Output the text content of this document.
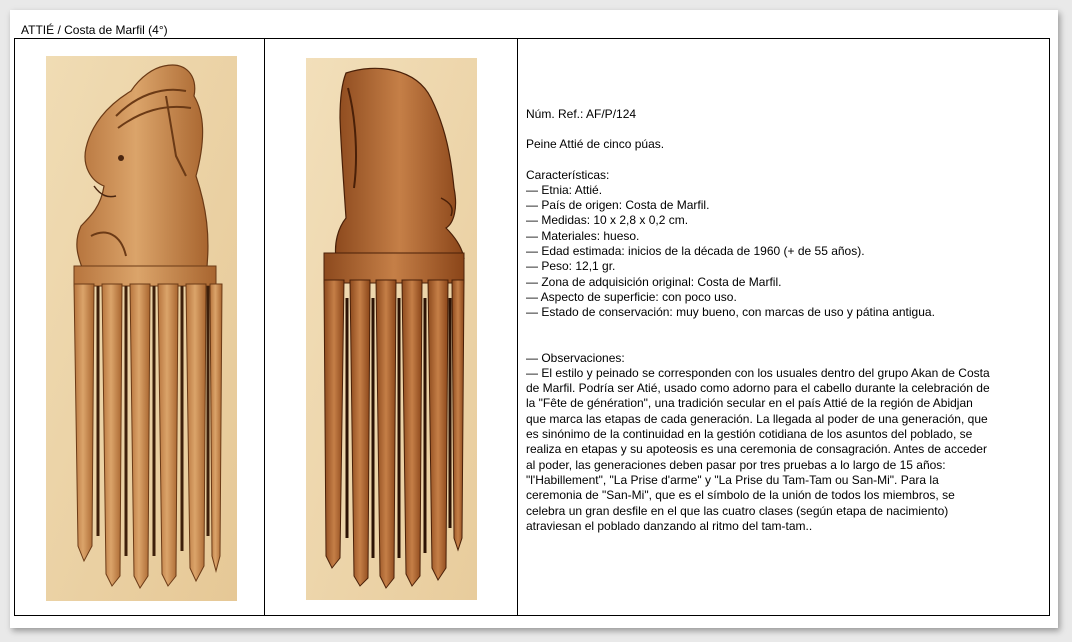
ATTIÉ / Costa de Marfil (4°)

Núm. Ref.: AF/P/124

Peine Attié de cinco púas.

Características:

— Etnia: Attié.

— País de origen: Costa de Marfil.

— Medidas: 10 x 2,8 x 0,2 cm.

— Materiales: hueso.

— Edad estimada: inicios de la década de 1960 (+ de 55 años).

— Peso: 12,1 gr.

— Zona de adquisición original: Costa de Marfil.

— Aspecto de superficie: con poco uso.

— Estado de conservación: muy bueno, con marcas de uso y pátina antigua.

— Observaciones:

— El estilo y peinado se corresponden con los usuales dentro del grupo Akan de Costa

de Marfil. Podría ser Atié, usado como adorno para el cabello durante la celebración de

la "Fête de génération", una tradición secular en el país Attié de la región de Abidjan

que marca las etapas de cada generación. La llegada al poder de una generación, que

es sinónimo de la continuidad en la gestión cotidiana de los asuntos del poblado, se

realiza en etapas y su apoteosis es una ceremonia de consagración. Antes de acceder

al poder, las generaciones deben pasar por tres pruebas a lo largo de 15 años:

"l'Habillement", "La Prise d'arme" y "La Prise du Tam-Tam ou San-Mi". Para la

ceremonia de "San-Mi", que es el símbolo de la unión de todos los miembros, se

celebra un gran desfile en el que las cuatro clases (según etapa de nacimiento)

atraviesan el poblado danzando al ritmo del tam-tam..
